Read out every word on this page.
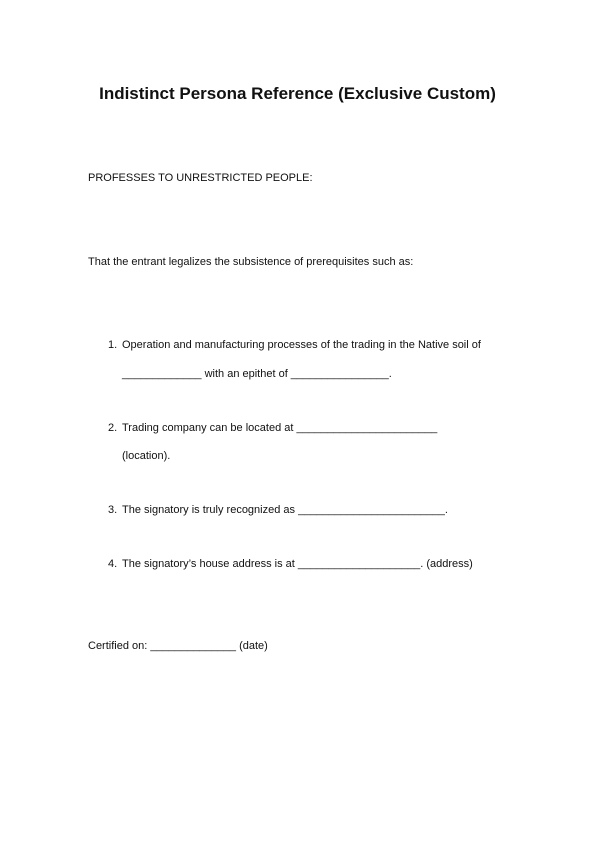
Indistinct Persona Reference (Exclusive Custom)
PROFESSES TO UNRESTRICTED PEOPLE:
That the entrant legalizes the subsistence of prerequisites such as:
1. Operation and manufacturing processes of the trading in the Native soil of
_____________ with an epithet of ________________.
2. Trading company can be located at _______________________
(location).
3. The signatory is truly recognized as ________________________.
4. The signatory’s house address is at ____________________. (address)
Certified on: ______________ (date)
